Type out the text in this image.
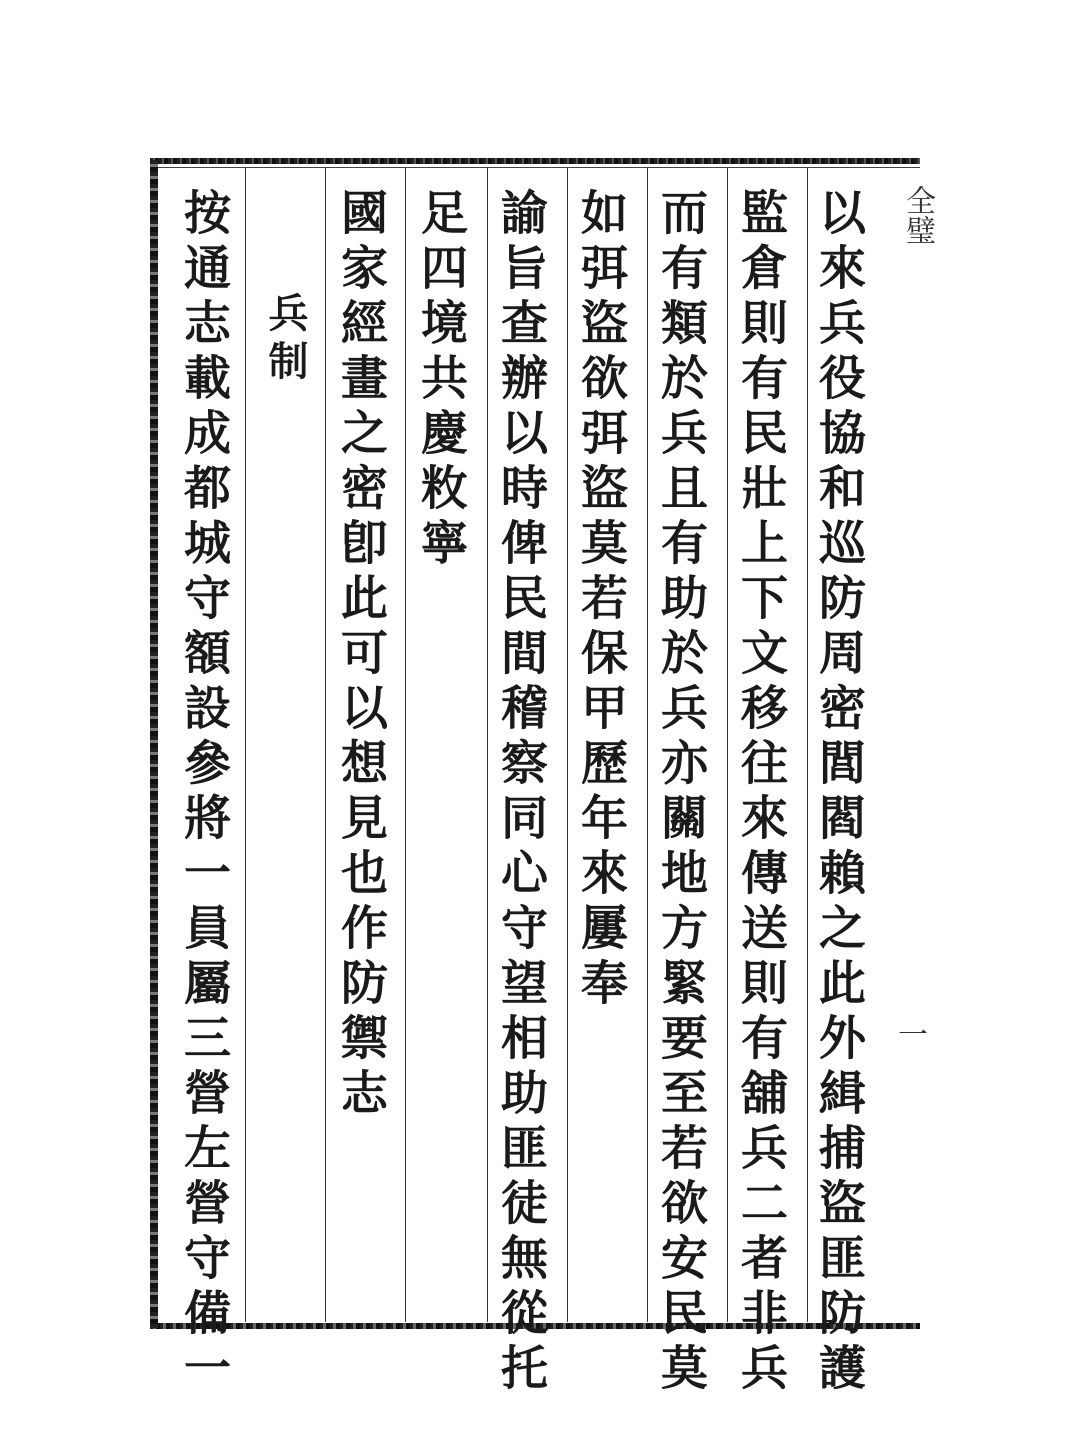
以來兵役協和巡防周密閭閻賴之此外緝捕盜匪防護
監倉則有民壯上下文移往來傳送則有舖兵二者非兵
而有類於兵且有助於兵亦關地方緊要至若欲安民莫
如弭盜欲弭盜莫若保甲歷年來屢奉
諭旨查辦以時俾民間稽察同心守望相助匪徒無從托
足四境共慶敉寧
國家經畫之密卽此可以想見也作防禦志
兵制
按通志載成都城守額設參將一員屬三營左營守備一	全璧
一
